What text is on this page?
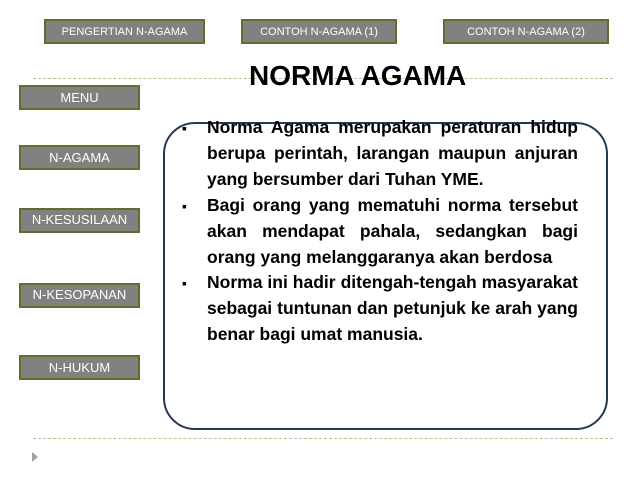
PENGERTIAN N-AGAMA	CONTOH N-AGAMA (1)	CONTOH N-AGAMA (2)
NORMA AGAMA
MENU
N-AGAMA
N-KESUSILAAN
N-KESOPANAN
N-HUKUM
▪ Norma Agama merupakan peraturan hidup berupa perintah, larangan maupun anjuran yang bersumber dari Tuhan YME.
▪ Bagi orang yang mematuhi norma tersebut akan mendapat pahala, sedangkan bagi orang yang melanggaranya akan berdosa
▪ Norma ini hadir ditengah-tengah masyarakat sebagai tuntunan dan petunjuk ke arah yang benar bagi umat manusia.
